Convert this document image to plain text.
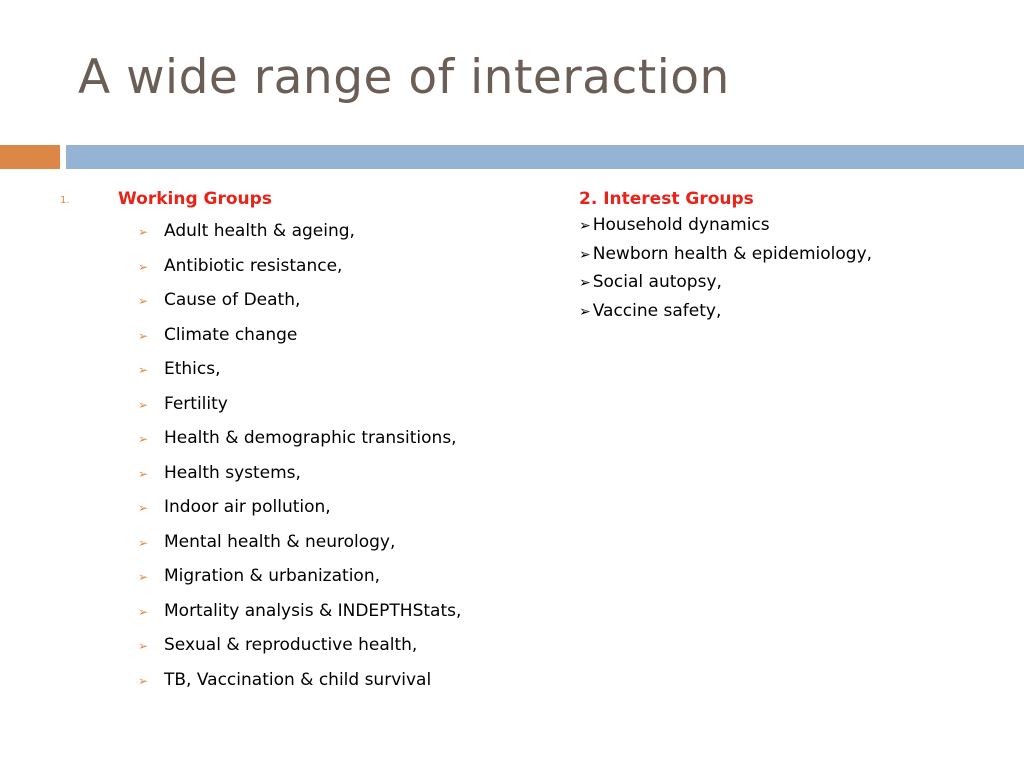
A wide range of interaction
1.	Working Groups
➢ Adult health & ageing,
➢ Antibiotic resistance,
➢ Cause of Death,
➢ Climate change
➢ Ethics,
➢ Fertility
➢ Health & demographic transitions,
➢ Health systems,
➢ Indoor air pollution,
➢ Mental health & neurology,
➢ Migration & urbanization,
➢ Mortality analysis & INDEPTHStats,
➢ Sexual & reproductive health,
➢ TB, Vaccination & child survival
2. Interest Groups
➢ Household dynamics
➢ Newborn health & epidemiology,
➢ Social autopsy,
➢ Vaccine safety,
